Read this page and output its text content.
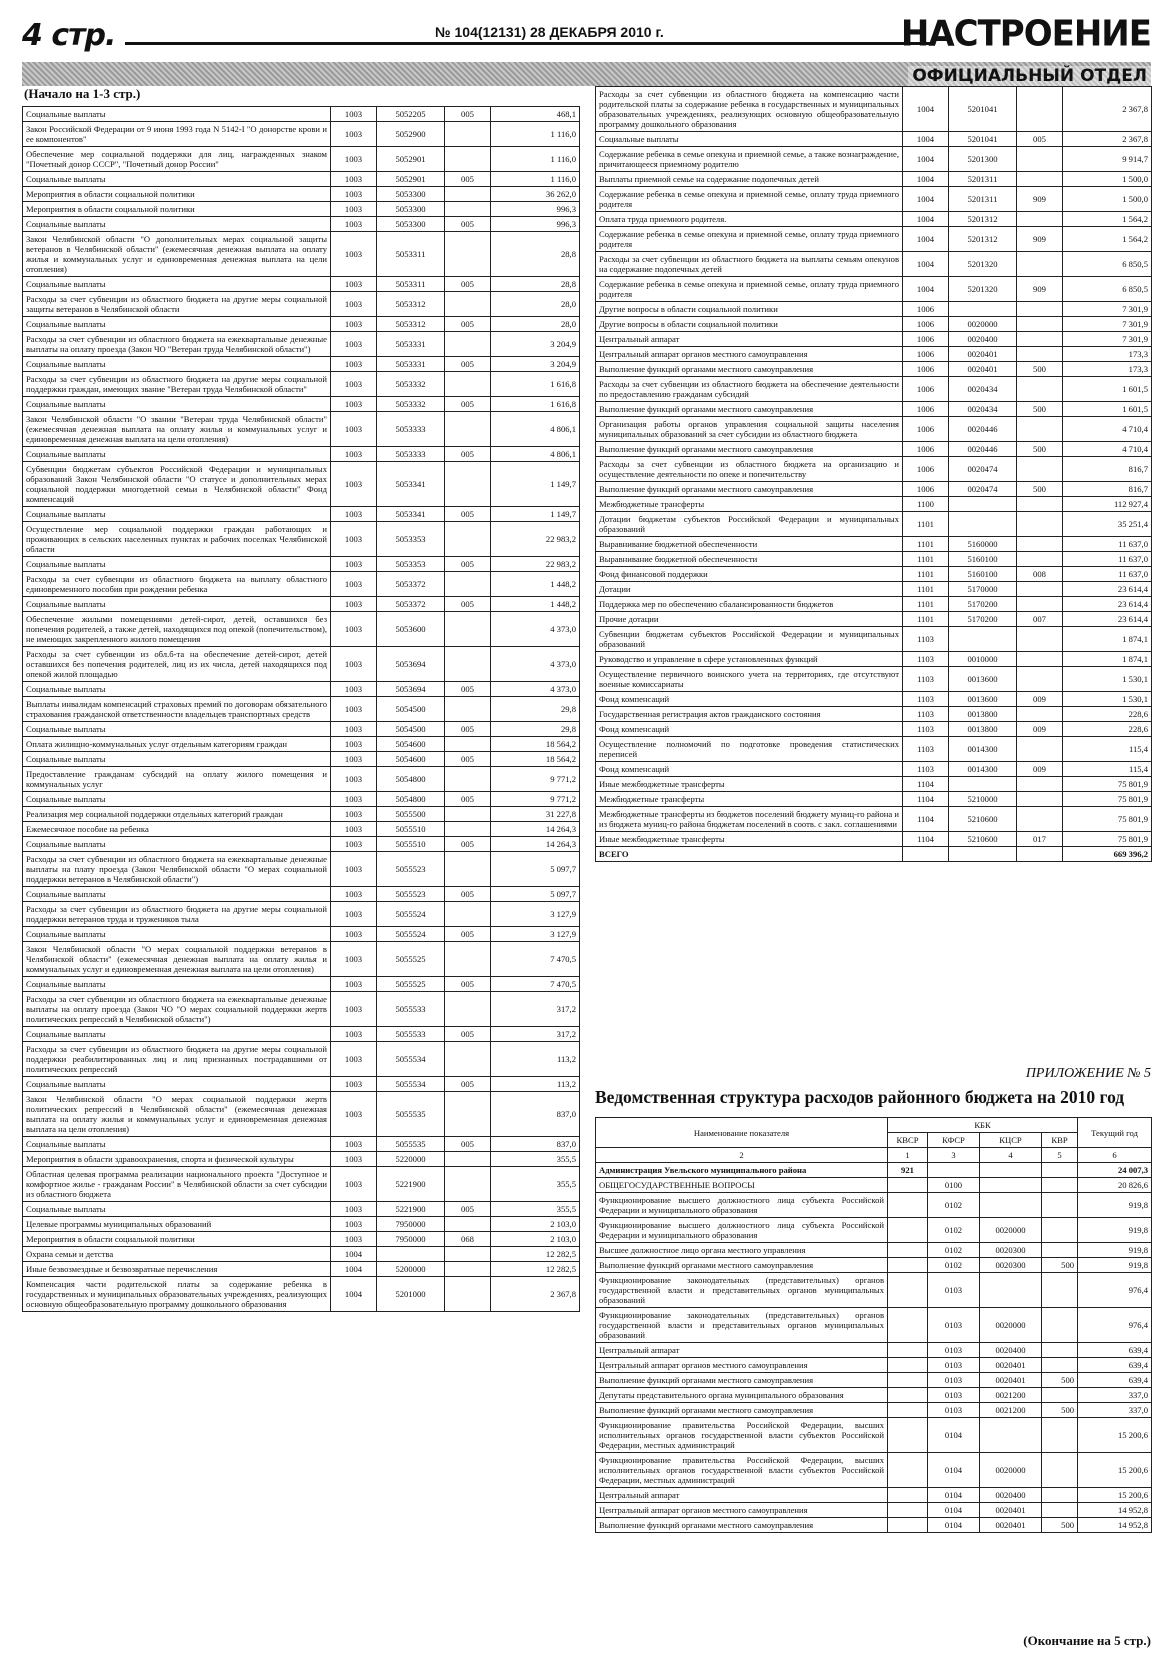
4 стр.	№ 104(12131) 28 ДЕКАБРЯ 2010 г.	НАСТРОЕНИЕ
ОФИЦИАЛЬНЫЙ ОТДЕЛ
(Начало на 1-3 стр.)
Социальные выплаты	1003	5052205	005	468,1
Закон Российской Федерации от 9 июня 1993 года N 5142-I "О донорстве крови и ее компонентов"	1003	5052900		1 116,0
Обеспечение мер социальной поддержки для лиц, награжденных знаком "Почетный донор СССР", "Почетный донор России"	1003	5052901		1 116,0
Социальные выплаты	1003	5052901	005	1 116,0
Мероприятия в области социальной политики	1003	5053300		36 262,0
Мероприятия в области социальной политики	1003	5053300		996,3
Социальные выплаты	1003	5053300	005	996,3
Закон Челябинской области "О дополнительных мерах социальной защиты ветеранов в Челябинской области" (ежемесячная денежная выплата на оплату жилья и коммунальных услуг и единовременная денежная выплата на цели отопления)	1003	5053311		28,8
Социальные выплаты	1003	5053311	005	28,8
Расходы за счет субвенции из областного бюджета на другие меры социальной защиты ветеранов в Челябинской области	1003	5053312		28,0
Социальные выплаты	1003	5053312	005	28,0
Расходы за счет субвенции из областного бюджета на ежеквартальные денежные выплаты на оплату проезда (Закон ЧО "Ветеран труда Челябинской области")	1003	5053331		3 204,9
Социальные выплаты	1003	5053331	005	3 204,9
Расходы за счет субвенции из областного бюджета на другие меры социальной поддержки граждан, имеющих звание "Ветеран труда Челябинской области"	1003	5053332		1 616,8
Социальные выплаты	1003	5053332	005	1 616,8
Закон Челябинской области "О звании "Ветеран труда Челябинской области" (ежемесячная денежная выплата на оплату жилья и коммунальных услуг и единовременная денежная выплата на цели отопления)	1003	5053333		4 806,1
Социальные выплаты	1003	5053333	005	4 806,1
Субвенции бюджетам субъектов Российской Федерации и муниципальных образований Закон Челябинской области "О статусе и дополнительных мерах социальной поддержки многодетной семьи в Челябинской области" Фонд компенсаций	1003	5053341		1 149,7
Социальные выплаты	1003	5053341	005	1 149,7
Осуществление мер социальной поддержки граждан работающих и проживающих в сельских населенных пунктах и рабочих поселках Челябинской области	1003	5053353		22 983,2
Социальные выплаты	1003	5053353	005	22 983,2
Расходы за счет субвенции из областного бюджета на выплату областного единовременного пособия при рождении ребенка	1003	5053372		1 448,2
Социальные выплаты	1003	5053372	005	1 448,2
Обеспечение жилыми помещениями детей-сирот, детей, оставшихся без попечения родителей, а также детей, находящихся под опекой (попечительством), не имеющих закрепленного жилого помещения	1003	5053600		4 373,0
Расходы за счет субвенции из обл.б-та на обеспечение детей-сирот, детей оставшихся без попечения родителей, лиц из их числа, детей находящихся под опекой жилой площадью	1003	5053694		4 373,0
Социальные выплаты	1003	5053694	005	4 373,0
Выплаты инвалидам компенсаций страховых премий по договорам обязательного страхования гражданской ответственности владельцев транспортных средств	1003	5054500		29,8
Социальные выплаты	1003	5054500	005	29,8
Оплата жилищно-коммунальных услуг отдельным категориям граждан	1003	5054600		18 564,2
Социальные выплаты	1003	5054600	005	18 564,2
Предоставление гражданам субсидий на оплату жилого помещения и коммунальных услуг	1003	5054800		9 771,2
Социальные выплаты	1003	5054800	005	9 771,2
Реализация мер социальной поддержки отдельных категорий граждан	1003	5055500		31 227,8
Ежемесячное пособие на ребенка	1003	5055510		14 264,3
Социальные выплаты	1003	5055510	005	14 264,3
Расходы за счет субвенции из областного бюджета на ежеквартальные денежные выплаты на плату проезда (Закон Челябинской области "О мерах социальной поддержки ветеранов в Челябинской области")	1003	5055523		5 097,7
Социальные выплаты	1003	5055523	005	5 097,7
Расходы за счет субвенции из областного бюджета на другие меры социальной поддержки ветеранов труда и тружеников тыла	1003	5055524		3 127,9
Социальные выплаты	1003	5055524	005	3 127,9
Закон Челябинской области "О мерах социальной поддержки ветеранов в Челябинской области" (ежемесячная денежная выплата на оплату жилья и коммунальных услуг и единовременная денежная выплата на цели отопления)	1003	5055525		7 470,5
Социальные выплаты	1003	5055525	005	7 470,5
Расходы за счет субвенции из областного бюджета на ежеквартальные денежные выплаты на оплату проезда (Закон ЧО "О мерах социальной поддержки жертв политических репрессий в Челябинской области")	1003	5055533		317,2
Социальные выплаты	1003	5055533	005	317,2
Расходы за счет субвенции из областного бюджета на другие меры социальной поддержки реабилитированных лиц и лиц признанных пострадавшими от политических репрессий	1003	5055534		113,2
Социальные выплаты	1003	5055534	005	113,2
Закон Челябинской области "О мерах социальной поддержки жертв политических репрессий в Челябинской области" (ежемесячная денежная выплата на оплату жилья и коммунальных услуг и единовременная денежная выплата на цели отопления)	1003	5055535		837,0
Социальные выплаты	1003	5055535	005	837,0
Мероприятия в области здравоохранения, спорта и физической культуры	1003	5220000		355,5
Областная целевая программа реализации национального проекта "Доступное и комфортное жилье - гражданам России" в Челябинской области за счет субсидии из областного бюджета	1003	5221900		355,5
Социальные выплаты	1003	5221900	005	355,5
Целевые программы муниципальных образований	1003	7950000		2 103,0
Мероприятия в области социальной политики	1003	7950000	068	2 103,0
Охрана семьи и детства	1004			12 282,5
Иные безвозмездные и безвозвратные перечисления	1004	5200000		12 282,5
Компенсация части родительской платы за содержание ребенка в государственных и муниципальных образовательных учреждениях, реализующих основную общеобразовательную программу дошкольного образования	1004	5201000		2 367,8
Расходы за счет субвенции из областного бюджета на компенсацию части родительской платы за содержание ребенка в государственных и муниципальных образовательных учреждениях, реализующих основную общеобразовательную программу дошкольного образования	1004	5201041		2 367,8
Социальные выплаты	1004	5201041	005	2 367,8
Содержание ребенка в семье опекуна и приемной семье, а также вознаграждение, причитающееся приемному родителю	1004	5201300		9 914,7
Выплаты приемной семье на содержание подопечных детей	1004	5201311		1 500,0
Содержание ребенка в семье опекуна и приемной семье, оплату труда приемного родителя	1004	5201311	909	1 500,0
Оплата труда приемного родителя.	1004	5201312		1 564,2
Содержание ребенка в семье опекуна и приемной семье, оплату труда приемного родителя	1004	5201312	909	1 564,2
Расходы за счет субвенции из областного бюджета на выплаты семьям опекунов на содержание подопечных детей	1004	5201320		6 850,5
Содержание ребенка в семье опекуна и приемной семье, оплату труда приемного родителя	1004	5201320	909	6 850,5
Другие вопросы в области социальной политики	1006			7 301,9
Другие вопросы в области социальной политики	1006	0020000		7 301,9
Центральный аппарат	1006	0020400		7 301,9
Центральный аппарат органов местного самоуправления	1006	0020401		173,3
Выполнение функций органами местного самоуправления	1006	0020401	500	173,3
Расходы за счет субвенции из областного бюджета на обеспечение деятельности по предоставлению гражданам субсидий	1006	0020434		1 601,5
Выполнение функций органами местного самоуправления	1006	0020434	500	1 601,5
Организация работы органов управления социальной защиты населения муниципальных образований за счет субсидии из областного бюджета	1006	0020446		4 710,4
Выполнение функций органами местного самоуправления	1006	0020446	500	4 710,4
Расходы за счет субвенции из областного бюджета на организацию и осуществление деятельности по опеке и попечительству	1006	0020474		816,7
Выполнение функций органами местного самоуправления	1006	0020474	500	816,7
Межбюджетные трансферты	1100			112 927,4
Дотации бюджетам субъектов Российской Федерации и муниципальных образований	1101			35 251,4
Выравнивание бюджетной обеспеченности	1101	5160000		11 637,0
Выравнивание бюджетной обеспеченности	1101	5160100		11 637,0
Фонд финансовой поддержки	1101	5160100	008	11 637,0
Дотации	1101	5170000		23 614,4
Поддержка мер по обеспечению сбалансированности бюджетов	1101	5170200		23 614,4
Прочие дотации	1101	5170200	007	23 614,4
Субвенции бюджетам субъектов Российской Федерации и муниципальных образований	1103			1 874,1
Руководство и управление в сфере установленных функций	1103	0010000		1 874,1
Осуществление первичного воинского учета на территориях, где отсутствуют военные комиссариаты	1103	0013600		1 530,1
Фонд компенсаций	1103	0013600	009	1 530,1
Государственная регистрация актов гражданского состояния	1103	0013800		228,6
Фонд компенсаций	1103	0013800	009	228,6
Осуществление полномочий по подготовке проведения статистических переписей	1103	0014300		115,4
Фонд компенсаций	1103	0014300	009	115,4
Иные межбюджетные трансферты	1104			75 801,9
Межбюджетные трансферты	1104	5210000		75 801,9
Межбюджетные трансферты из бюджетов поселений бюджету муниц-го района и из бюджета муниц-го района бюджетам поселений в соотв. с закл. соглашениями	1104	5210600		75 801,9
Иные межбюджетные трансферты	1104	5210600	017	75 801,9
ВСЕГО				669 396,2
ПРИЛОЖЕНИЕ № 5
Ведомственная структура расходов районного бюджета на 2010 год
Наименование показателя	КБК				Текущий год
	КВСР	КФСР	КЦСР	КВР	
2	1	3	4	5	6
Администрация Увельского муниципального района	921				24 007,3
ОБЩЕГОСУДАРСТВЕННЫЕ ВОПРОСЫ		0100			20 826,6
Функционирование высшего должностного лица субъекта Российской Федерации и муниципального образования		0102			919,8
Функционирование высшего должностного лица субъекта Российской Федерации и муниципального образования		0102	0020000		919,8
Высшее должностное лицо органа местного управления		0102	0020300		919,8
Выполнение функций органами местного самоуправления		0102	0020300	500	919,8
Функционирование законодательных (представительных) органов государственной власти и представительных органов муниципальных образований		0103			976,4
Функционирование законодательных (представительных) органов государственной власти и представительных органов муниципальных образований		0103	0020000		976,4
Центральный аппарат		0103	0020400		639,4
Центральный аппарат органов местного самоуправления		0103	0020401		639,4
Выполнение функций органами местного самоуправления		0103	0020401	500	639,4
Депутаты представительного органа муниципального образования		0103	0021200		337,0
Выполнение функций органами местного самоуправления		0103	0021200	500	337,0
Функционирование правительства Российской Федерации, высших исполнительных органов государственной власти субъектов Российской Федерации, местных администраций		0104			15 200,6
Функционирование правительства Российской Федерации, высших исполнительных органов государственной власти субъектов Российской Федерации, местных администраций		0104	0020000		15 200,6
Центральный аппарат		0104	0020400		15 200,6
Центральный аппарат органов местного самоуправления		0104	0020401		14 952,8
Выполнение функций органами местного самоуправления		0104	0020401	500	14 952,8
(Окончание на 5 стр.)
